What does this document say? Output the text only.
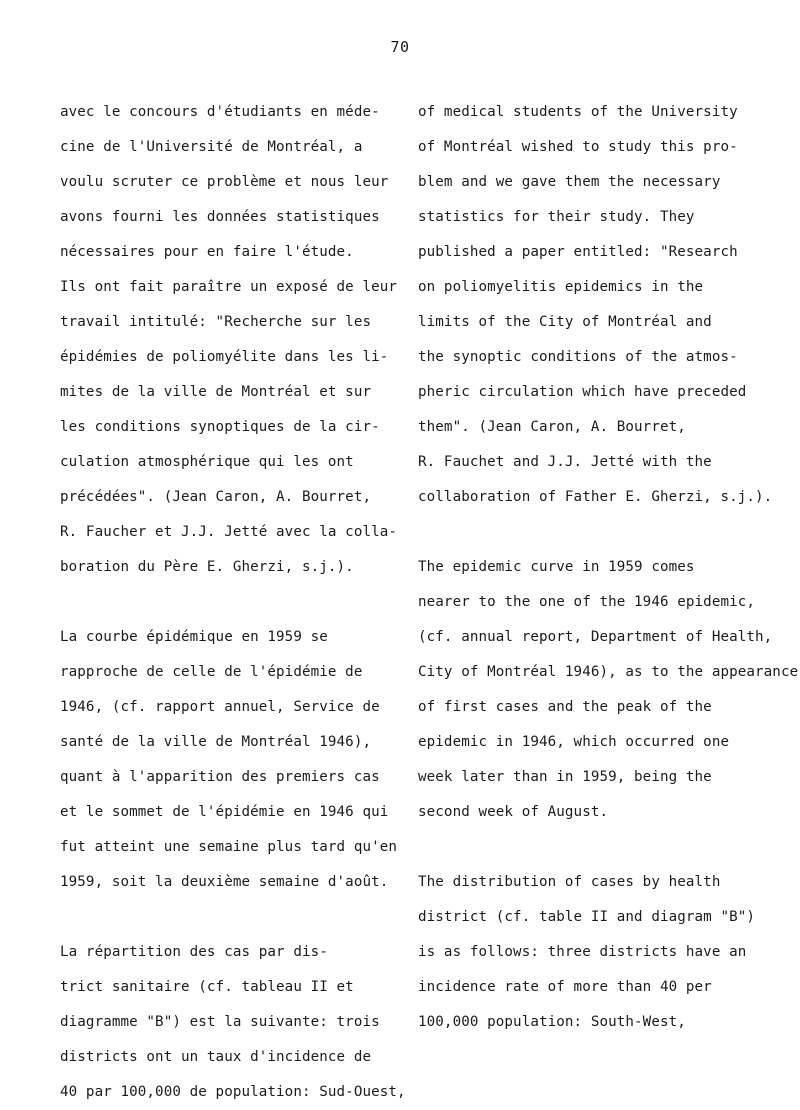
70
avec le concours d'étudiants en méde-
cine de l'Université de Montréal, a
voulu scruter ce problème et nous leur
avons fourni les données statistiques
nécessaires pour en faire l'étude.
Ils ont fait paraître un exposé de leur
travail intitulé: "Recherche sur les
épidémies de poliomyélite dans les li-
mites de la ville de Montréal et sur
les conditions synoptiques de la cir-
culation atmosphérique qui les ont
précédées". (Jean Caron, A. Bourret,
R. Faucher et J.J. Jetté avec la colla-
boration du Père E. Gherzi, s.j.).
La courbe épidémique en 1959 se
rapproche de celle de l'épidémie de
1946, (cf. rapport annuel, Service de
santé de la ville de Montréal 1946),
quant à l'apparition des premiers cas
et le sommet de l'épidémie en 1946 qui
fut atteint une semaine plus tard qu'en
1959, soit la deuxième semaine d'août.
La répartition des cas par dis-
trict sanitaire (cf. tableau II et
diagramme "B") est la suivante: trois
districts ont un taux d'incidence de
40 par 100,000 de population: Sud-Ouest,
of medical students of the University
of Montréal wished to study this pro-
blem and we gave them the necessary
statistics for their study. They
published a paper entitled: "Research
on poliomyelitis epidemics in the
limits of the City of Montréal and
the synoptic conditions of the atmos-
pheric circulation which have preceded
them". (Jean Caron, A. Bourret,
R. Fauchet and J.J. Jetté with the
collaboration of Father E. Gherzi, s.j.).
The epidemic curve in 1959 comes
nearer to the one of the 1946 epidemic,
(cf. annual report, Department of Health,
City of Montréal 1946), as to the appearance
of first cases and the peak of the
epidemic in 1946, which occurred one
week later than in 1959, being the
second week of August.
The distribution of cases by health
district (cf. table II and diagram "B")
is as follows: three districts have an
incidence rate of more than 40 per
100,000 population: South-West,
